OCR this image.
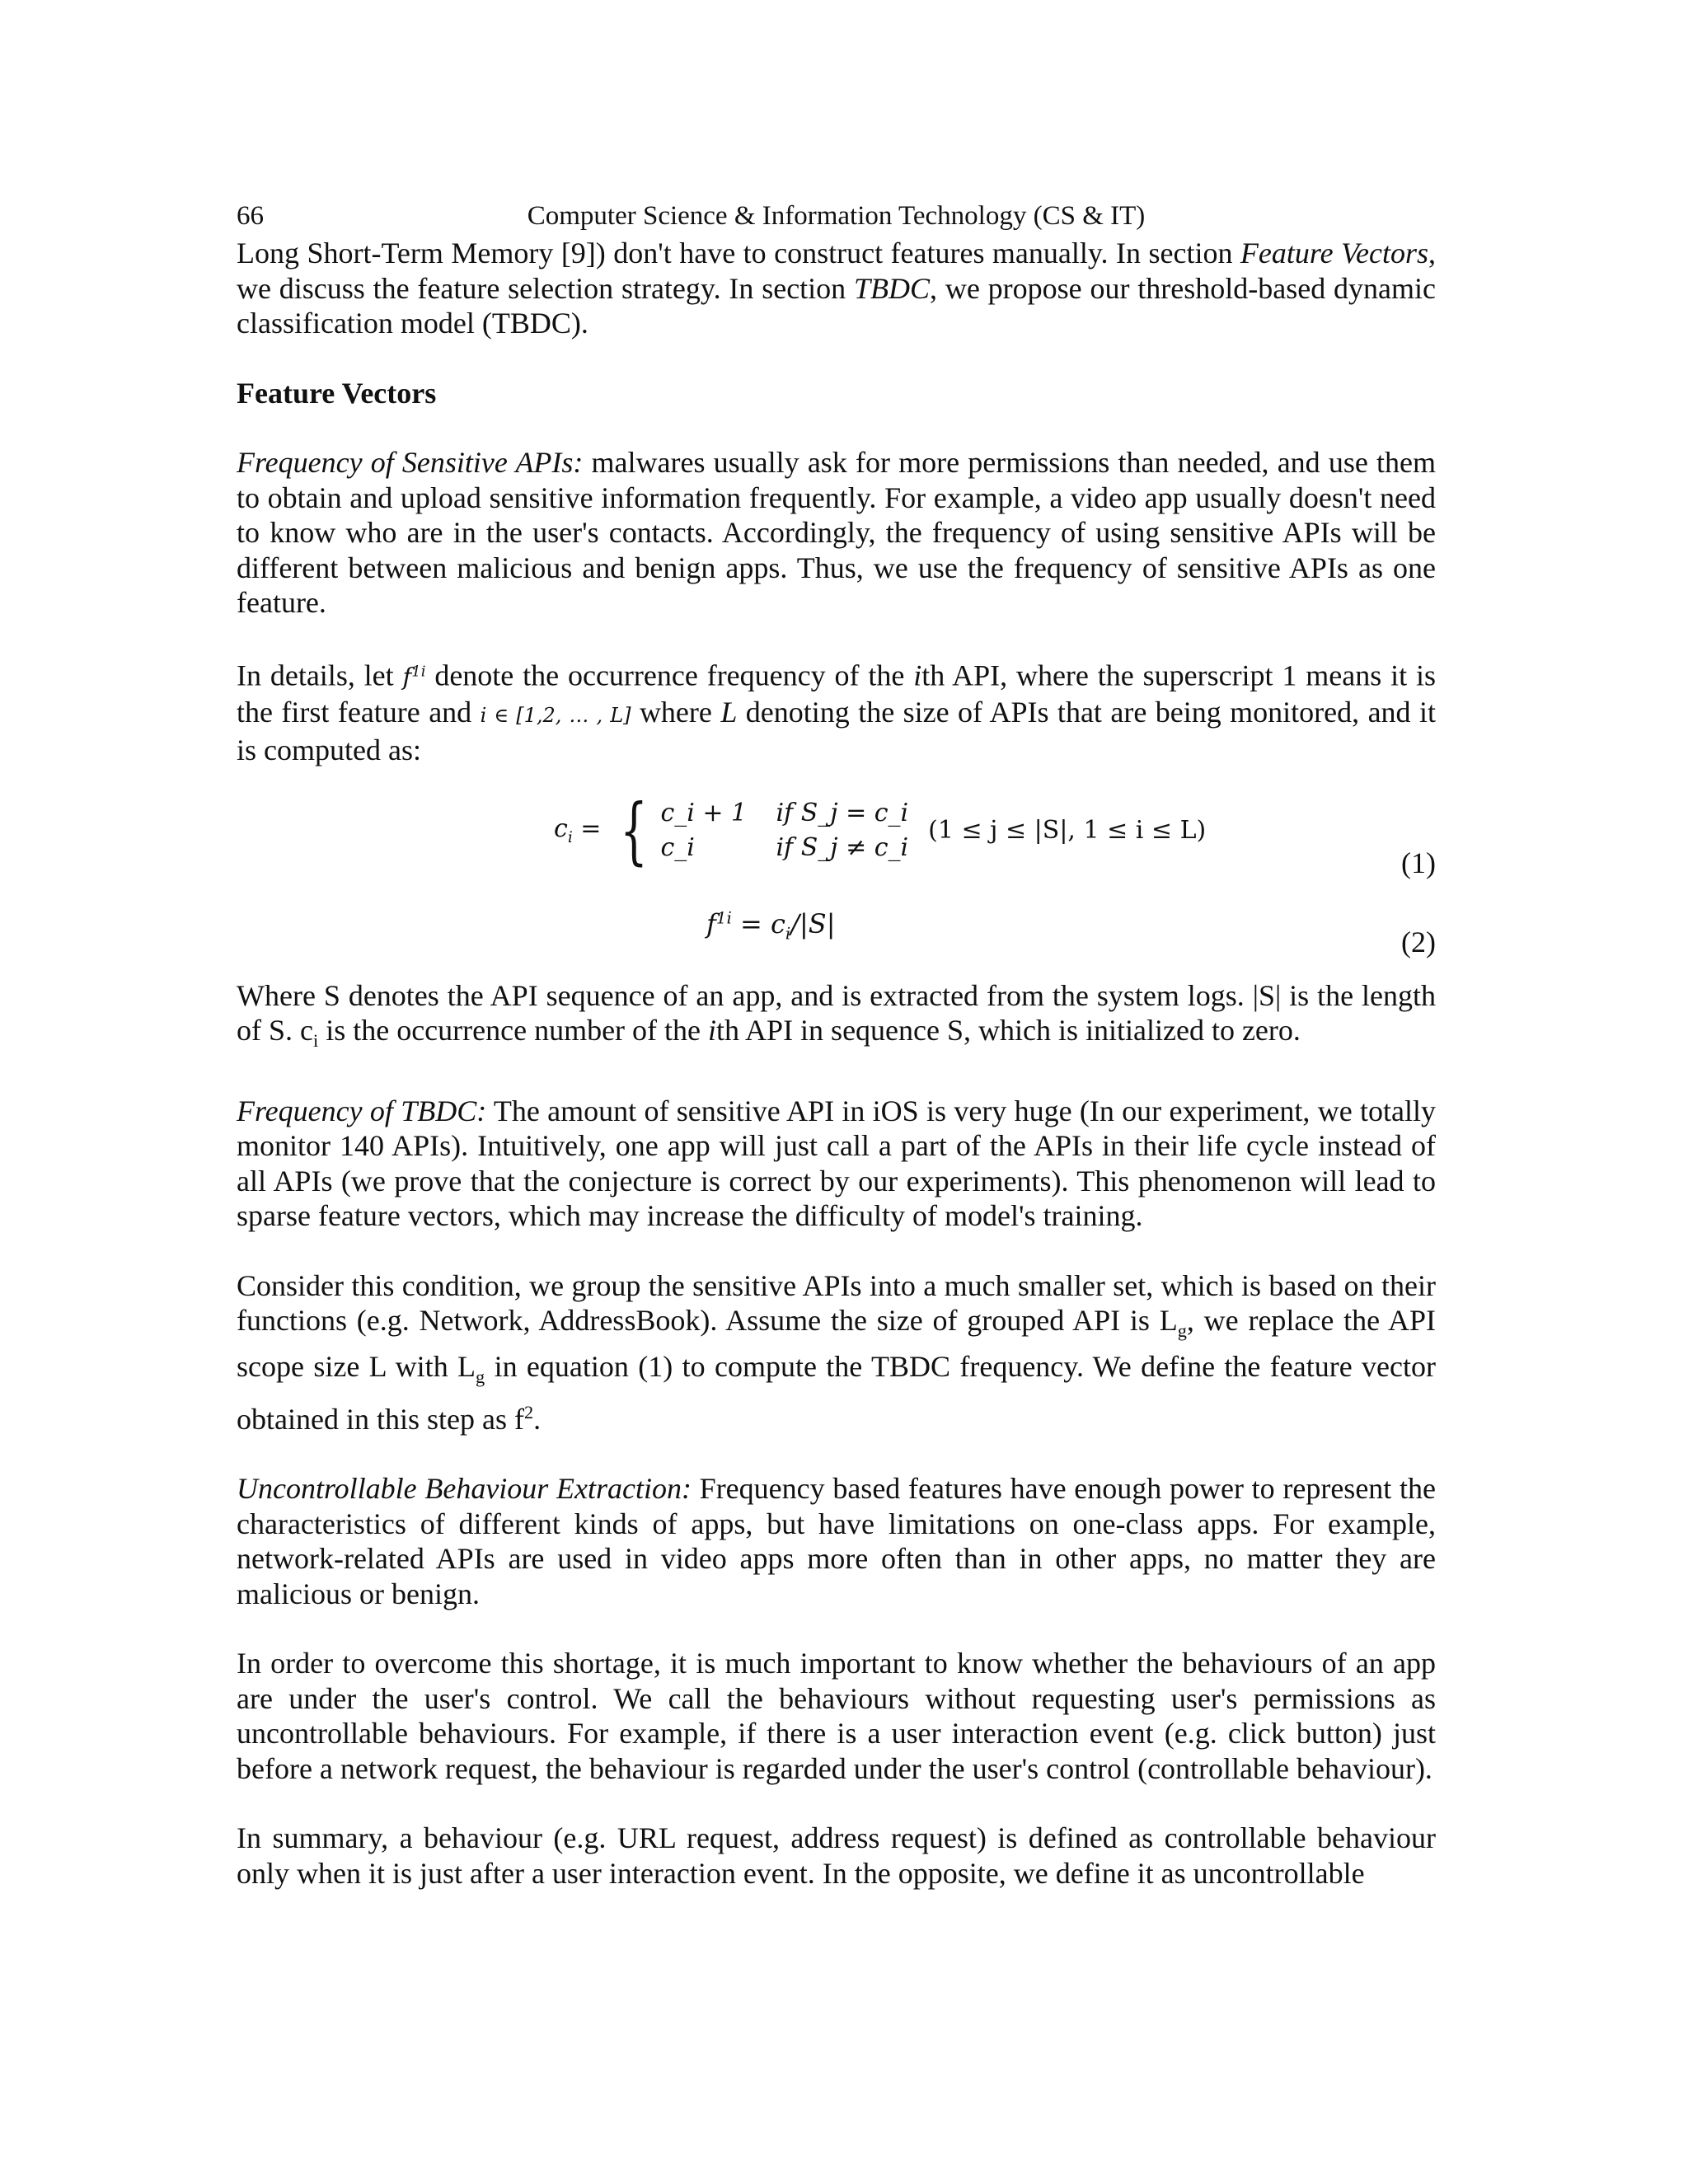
66	Computer Science & Information Technology (CS & IT)

Long Short-Term Memory [9]) don't have to construct features manually. In section Feature Vectors, we discuss the feature selection strategy. In section TBDC, we propose our threshold-based dynamic classification model (TBDC).

Feature Vectors

Frequency of Sensitive APIs: malwares usually ask for more permissions than needed, and use them to obtain and upload sensitive information frequently. For example, a video app usually doesn't need to know who are in the user's contacts. Accordingly, the frequency of using sensitive APIs will be different between malicious and benign apps. Thus, we use the frequency of sensitive APIs as one feature.

In details, let $f^{1i}$ denote the occurrence frequency of the ith API, where the superscript 1 means it is the first feature and i ∈ [1,2, … , L] where L denoting the size of APIs that are being monitored, and it is computed as:

$c_i$ = { c_i + 1	if S_j = c_i
c_i	if S_j ≠ c_i
(1 ≤ j ≤ |S|, 1 ≤ i ≤ L)
(1)
$f^{1i} = c_i/|S|$
(2)

Where S denotes the API sequence of an app, and is extracted from the system logs. |S| is the length of S. $c_i$ is the occurrence number of the ith API in sequence S, which is initialized to zero.

Frequency of TBDC: The amount of sensitive API in iOS is very huge (In our experiment, we totally monitor 140 APIs). Intuitively, one app will just call a part of the APIs in their life cycle instead of all APIs (we prove that the conjecture is correct by our experiments). This phenomenon will lead to sparse feature vectors, which may increase the difficulty of model's training.

Consider this condition, we group the sensitive APIs into a much smaller set, which is based on their functions (e.g. Network, AddressBook). Assume the size of grouped API is $L_g$, we replace the API scope size L with $L_g$ in equation (1) to compute the TBDC frequency. We define the feature vector obtained in this step as $f^2$.

Uncontrollable Behaviour Extraction: Frequency based features have enough power to represent the characteristics of different kinds of apps, but have limitations on one-class apps. For example, network-related APIs are used in video apps more often than in other apps, no matter they are malicious or benign.

In order to overcome this shortage, it is much important to know whether the behaviours of an app are under the user's control. We call the behaviours without requesting user's permissions as uncontrollable behaviours. For example, if there is a user interaction event (e.g. click button) just before a network request, the behaviour is regarded under the user's control (controllable behaviour).

In summary, a behaviour (e.g. URL request, address request) is defined as controllable behaviour only when it is just after a user interaction event. In the opposite, we define it as uncontrollable
